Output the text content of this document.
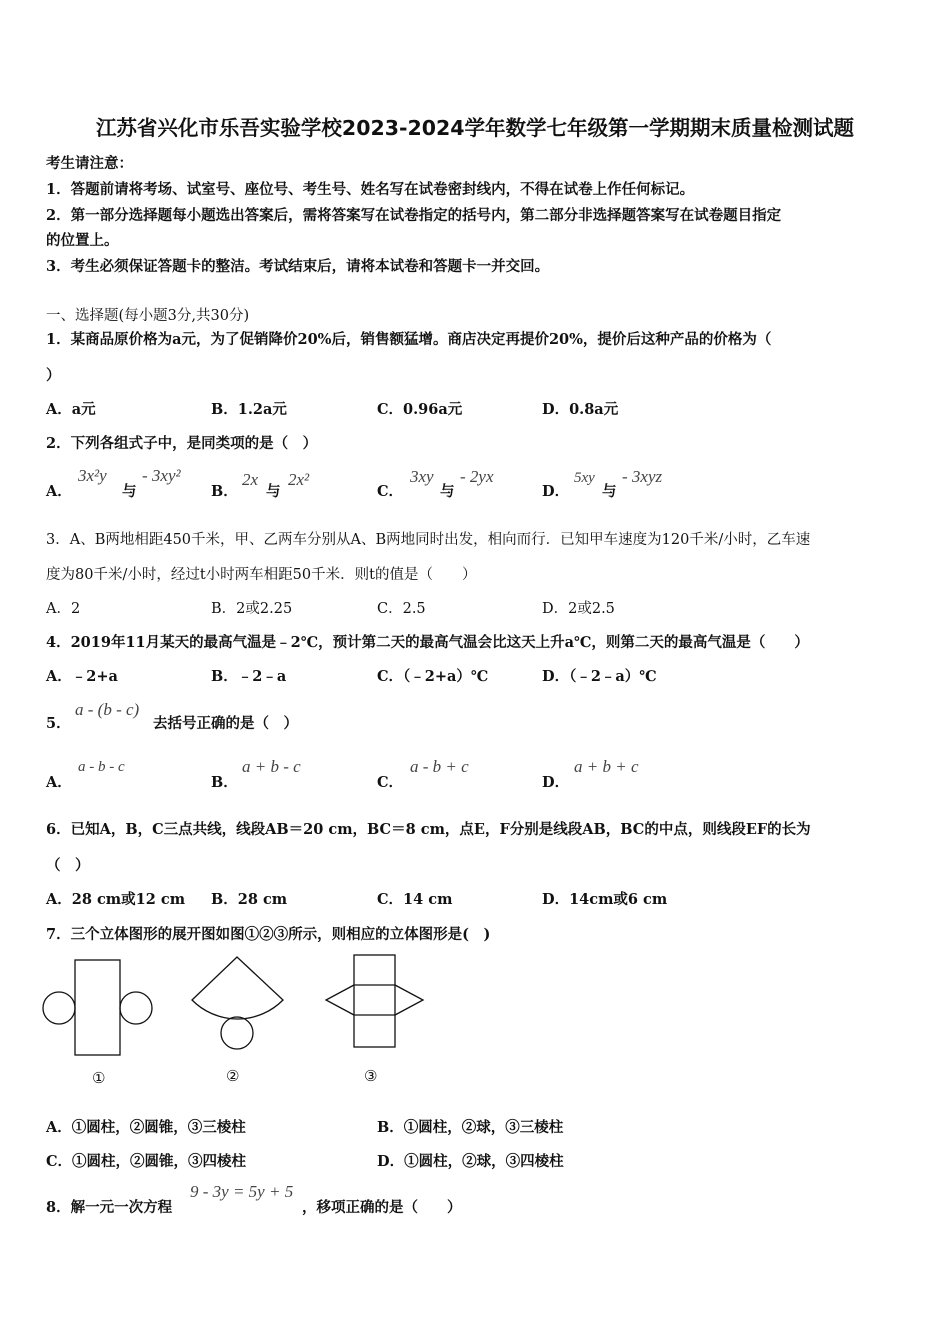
江苏省兴化市乐吾实验学校2023-2024学年数学七年级第一学期期末质量检测试题
考生请注意：
1．答题前请将考场、试室号、座位号、考生号、姓名写在试卷密封线内，不得在试卷上作任何标记。
2．第一部分选择题每小题选出答案后，需将答案写在试卷指定的括号内，第二部分非选择题答案写在试卷题目指定
的位置上。
3．考生必须保证答题卡的整洁。考试结束后，请将本试卷和答题卡一并交回。
一、选择题(每小题3分,共30分)
1．某商品原价格为a元，为了促销降价20%后，销售额猛增。商店决定再提价20%，提价后这种产品的价格为（
）
A．a元	B．1.2a元	C．0.96a元	D．0.8a元
2．下列各组式子中，是同类项的是（　）
A．
3x²y
与
- 3xy²
B．
2x
与
2x²
C．
3xy
与
- 2yx
D．
5xy
与
- 3xyz
3．A、B两地相距450千米，甲、乙两车分别从A、B两地同时出发，相向而行．已知甲车速度为120千米/小时，乙车速
度为80千米/小时，经过t小时两车相距50千米．则t的值是（　　）
A．2	B．2或2.25	C．2.5	D．2或2.5
4．2019年11月某天的最高气温是﹣2℃，预计第二天的最高气温会比这天上升a℃，则第二天的最高气温是（　　）
A．﹣2+a	B．﹣2﹣a	C．（﹣2+a）℃	D．（﹣2﹣a）℃
5．
a - (b - c)
去括号正确的是（　）
A．
a - b - c
B．
a + b - c
C．
a - b + c
D．
a + b + c
6．已知A，B，C三点共线，线段AB＝20 cm，BC＝8 cm，点E，F分别是线段AB，BC的中点，则线段EF的长为
（　）
A．28 cm或12 cm B．28 cm	C．14 cm	D．14cm或6 cm
7．三个立体图形的展开图如图①②③所示，则相应的立体图形是(　)
①	②	③
A．①圆柱，②圆锥，③三棱柱	B．①圆柱，②球，③三棱柱
C．①圆柱，②圆锥，③四棱柱	D．①圆柱，②球，③四棱柱
8．解一元一次方程
9 - 3y = 5y + 5
，移项正确的是（　　）
